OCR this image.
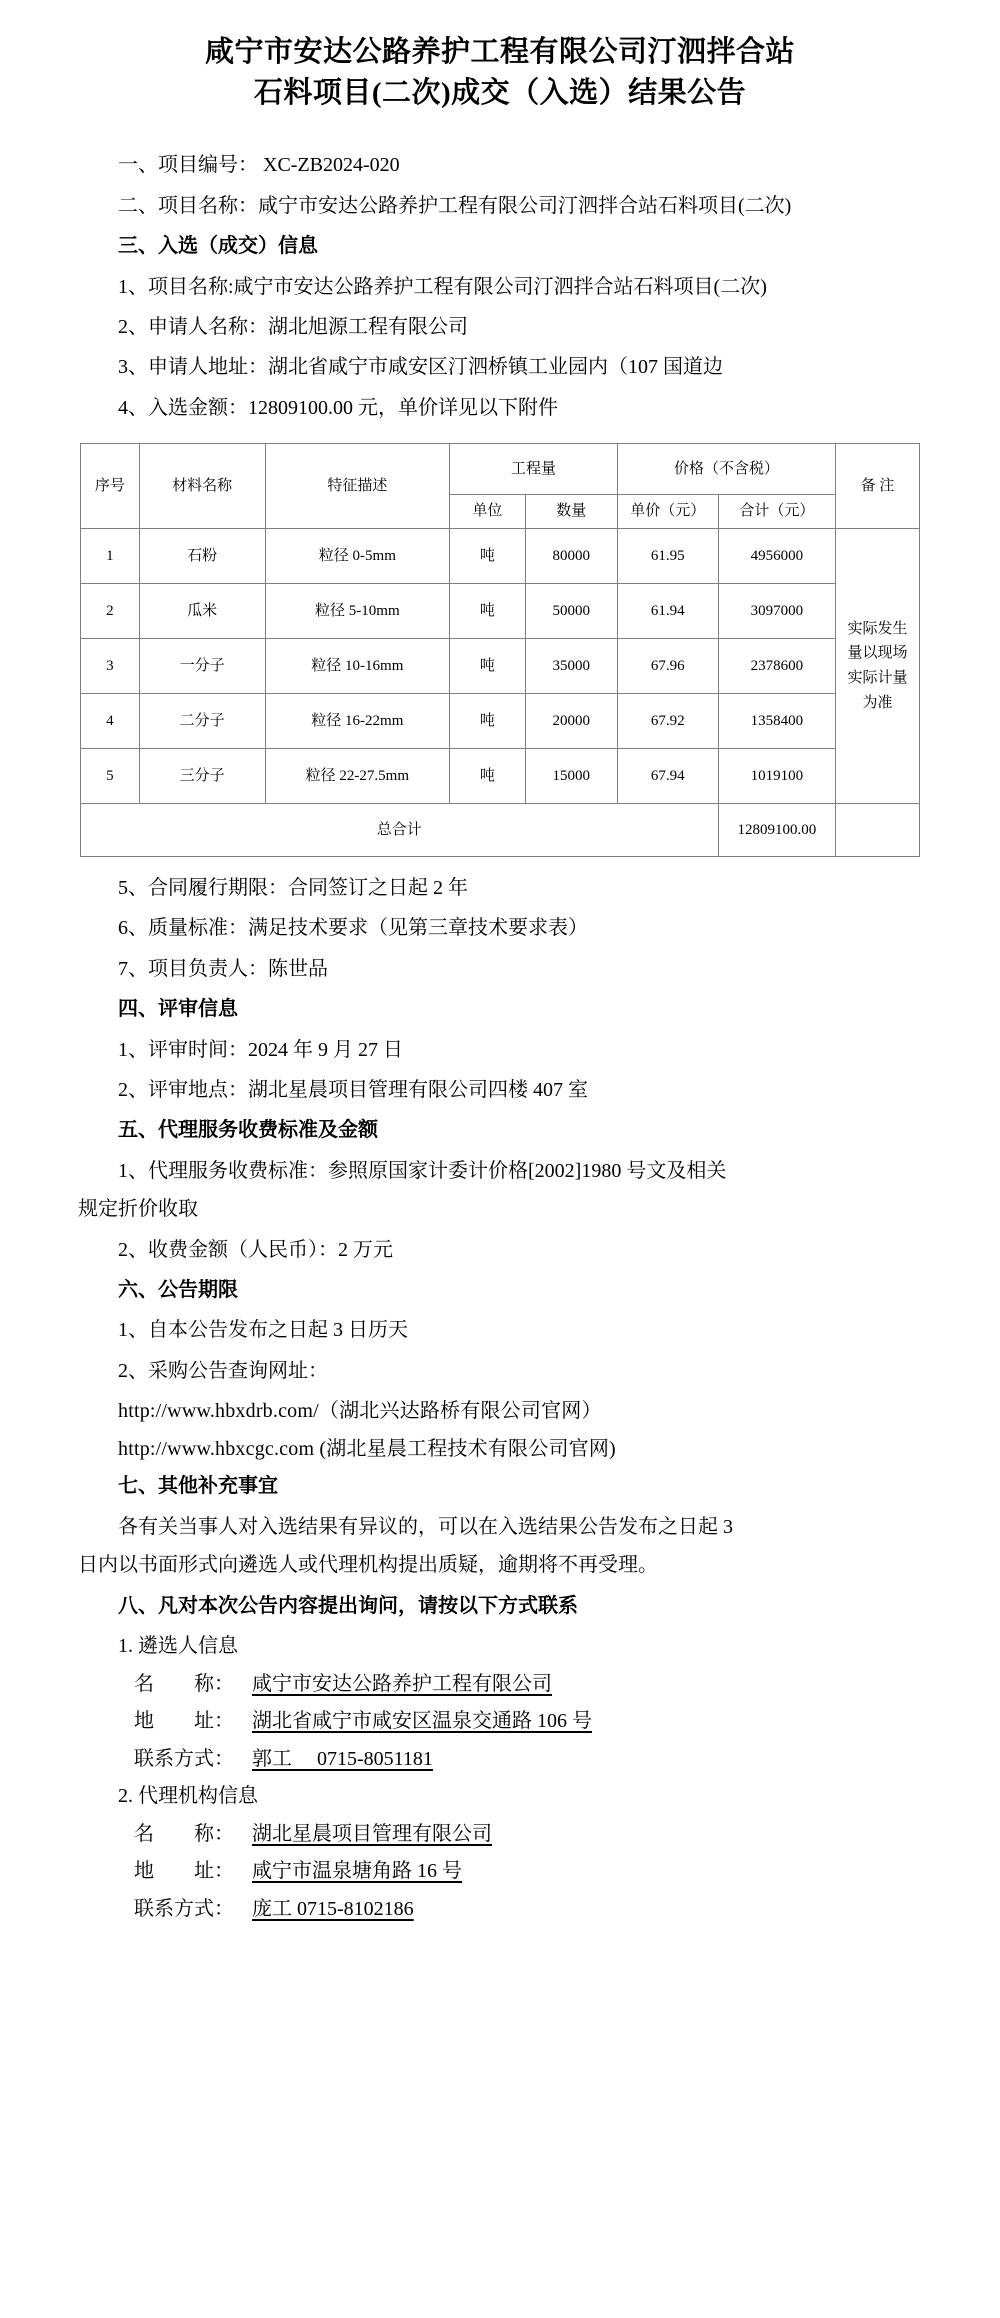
咸宁市安达公路养护工程有限公司汀泗拌合站
石料项目(二次)成交（入选）结果公告

一、项目编号： XC-ZB2024-020

二、项目名称：咸宁市安达公路养护工程有限公司汀泗拌合站石料项目(二次)

三、入选（成交）信息

1、项目名称:咸宁市安达公路养护工程有限公司汀泗拌合站石料项目(二次)

2、申请人名称：湖北旭源工程有限公司

3、申请人地址：湖北省咸宁市咸安区汀泗桥镇工业园内（107 国道边

4、入选金额：12809100.00 元，单价详见以下附件

序号	材料名称	特征描述	工程量		价格（不含税）		备 注
			单位	数量	单价（元）	合计（元）	
1	石粉	粒径 0-5mm	吨	80000	61.95	4956000	实际发生量以现场实际计量为准
2	瓜米	粒径 5-10mm	吨	50000	61.94	3097000	
3	一分子	粒径 10-16mm	吨	35000	67.96	2378600	
4	二分子	粒径 16-22mm	吨	20000	67.92	1358400	
5	三分子	粒径 22-27.5mm	吨	15000	67.94	1019100	
总合计						12809100.00	

5、合同履行期限：合同签订之日起 2 年

6、质量标准：满足技术要求（见第三章技术要求表）

7、项目负责人：陈世品

四、评审信息

1、评审时间：2024 年 9 月 27 日

2、评审地点：湖北星晨项目管理有限公司四楼 407 室

五、代理服务收费标准及金额

1、代理服务收费标准：参照原国家计委计价格[2002]1980 号文及相关

规定折价收取

2、收费金额（人民币）：2 万元

六、公告期限

1、自本公告发布之日起 3 日历天

2、采购公告查询网址：

http://www.hbxdrb.com/（湖北兴达路桥有限公司官网）

http://www.hbxcgc.com (湖北星晨工程技术有限公司官网)

七、其他补充事宜

各有关当事人对入选结果有异议的，可以在入选结果公告发布之日起 3

日内以书面形式向遴选人或代理机构提出质疑，逾期将不再受理。

八、凡对本次公告内容提出询问，请按以下方式联系

1. 遴选人信息

名　　称： 咸宁市安达公路养护工程有限公司

地　　址： 湖北省咸宁市咸安区温泉交通路 106 号

联系方式： 郭工　 0715-8051181

2. 代理机构信息

名　　称： 湖北星晨项目管理有限公司

地　　址： 咸宁市温泉塘角路 16 号

联系方式： 庞工 0715-8102186
